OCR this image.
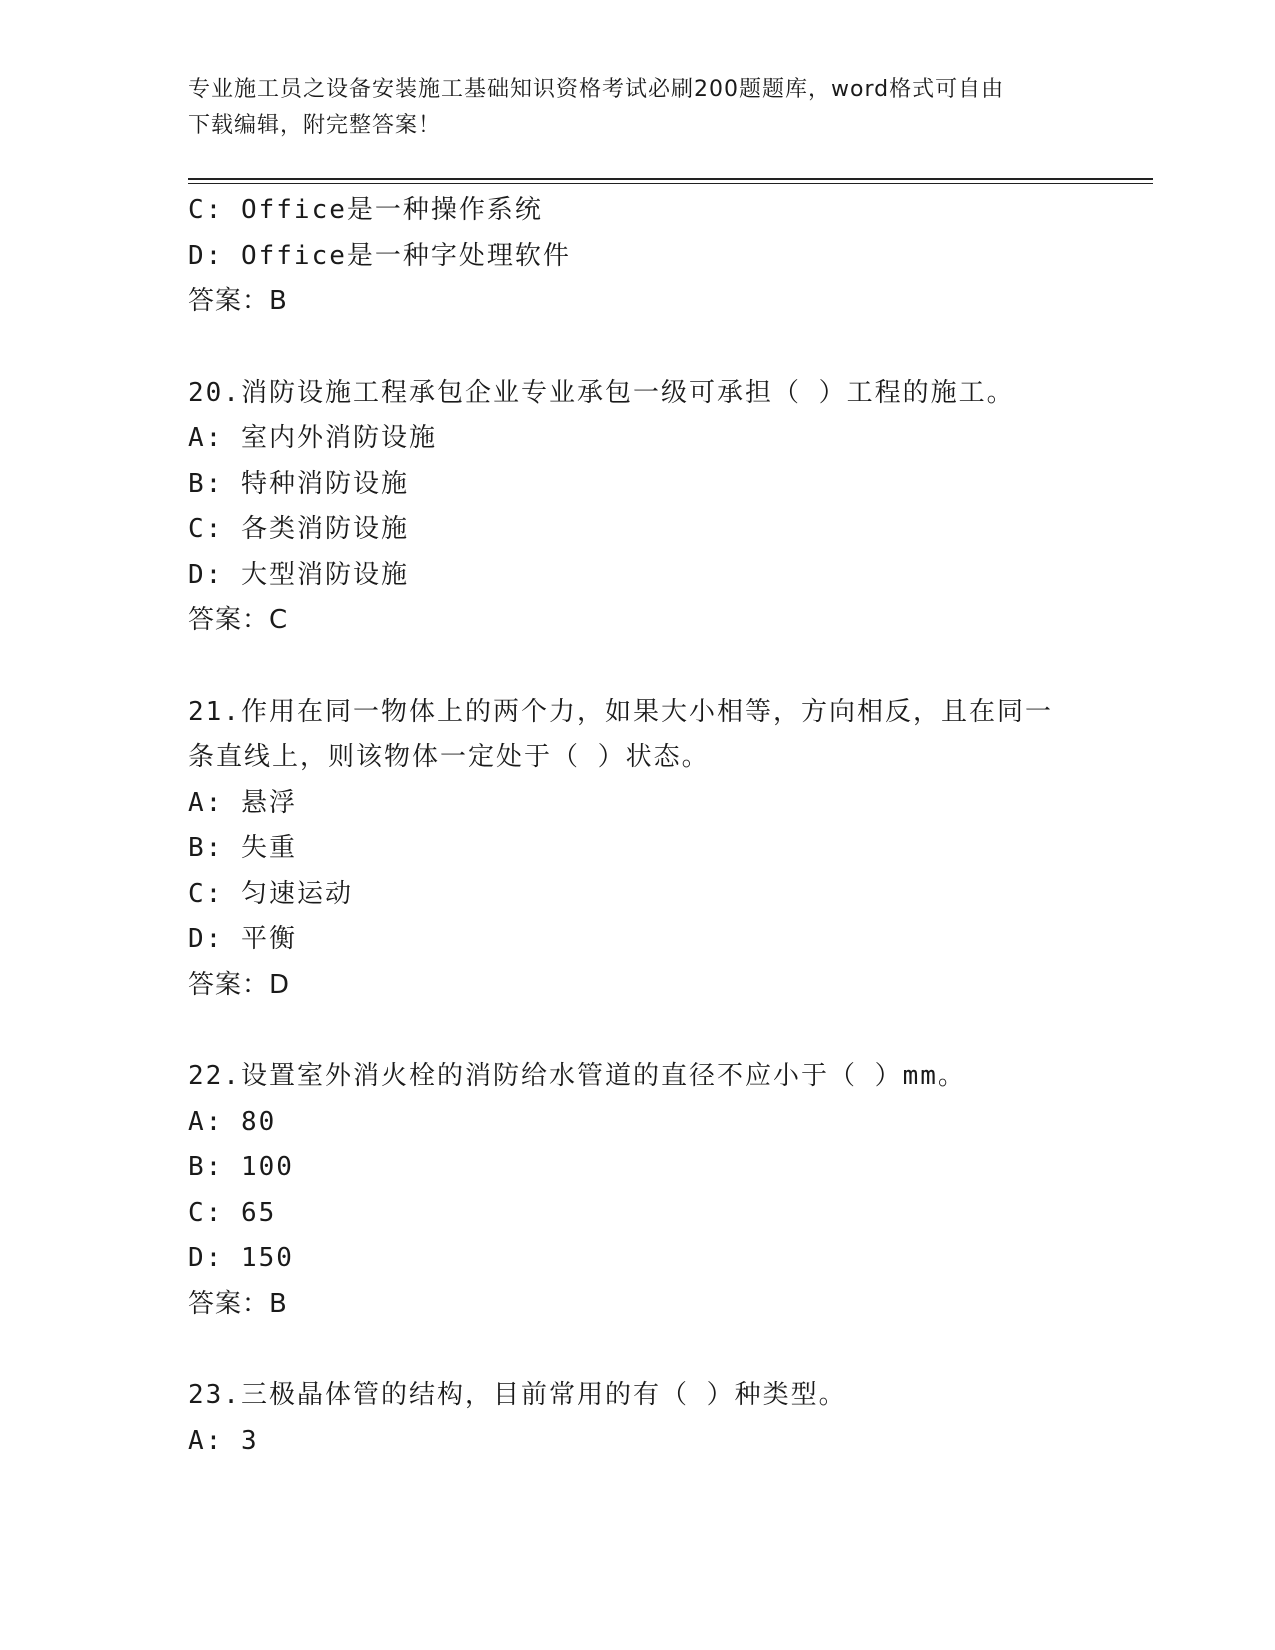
专业施工员之设备安装施工基础知识资格考试必刷200题题库，word格式可自由
下载编辑，附完整答案！
C: Office是一种操作系统
D: Office是一种字处理软件
答案：B
20.消防设施工程承包企业专业承包一级可承担（ ）工程的施工。
A: 室内外消防设施
B: 特种消防设施
C: 各类消防设施
D: 大型消防设施
答案：C
21.作用在同一物体上的两个力，如果大小相等，方向相反，且在同一
条直线上，则该物体一定处于（ ）状态。
A: 悬浮
B: 失重
C: 匀速运动
D: 平衡
答案：D
22.设置室外消火栓的消防给水管道的直径不应小于（ ）mm。
A: 80
B: 100
C: 65
D: 150
答案：B
23.三极晶体管的结构，目前常用的有（ ）种类型。
A: 3
